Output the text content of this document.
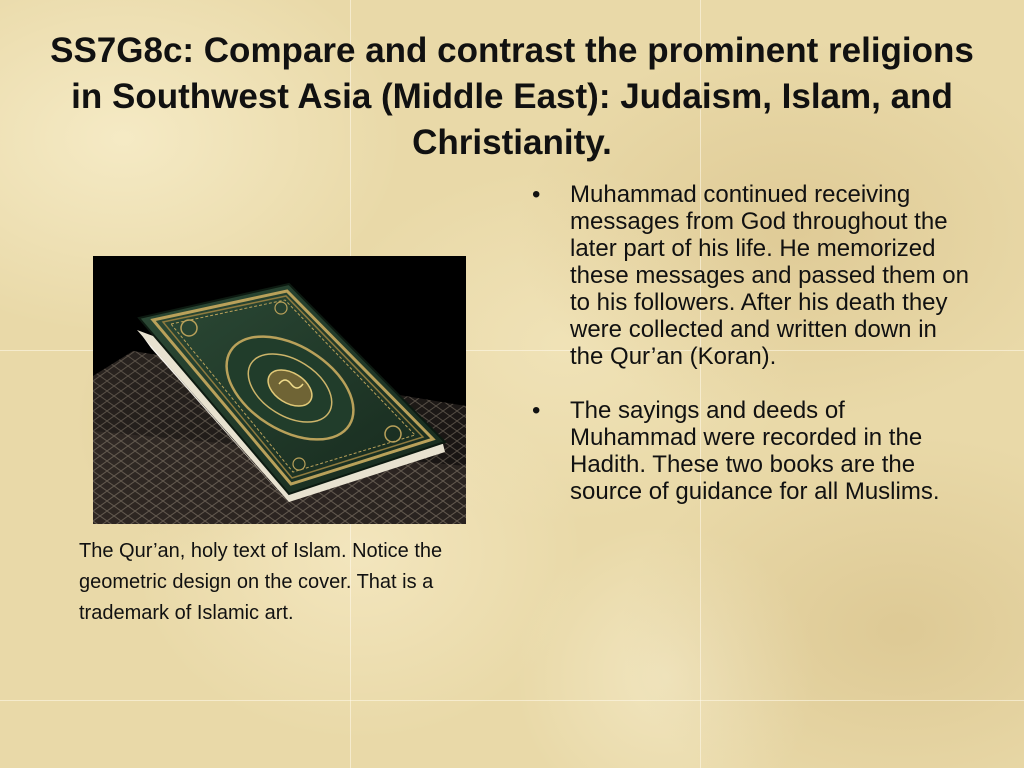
SS7G8c: Compare and contrast the prominent religions in Southwest Asia (Middle East): Judaism, Islam, and Christianity.

The Qur’an, holy text of Islam. Notice the geometric design on the cover. That is a trademark of Islamic art.

• Muhammad continued receiving messages from God throughout the later part of his life. He memorized these messages and passed them on to his followers. After his death they were collected and written down in the Qur’an (Koran).
• The sayings and deeds of Muhammad were recorded in the Hadith. These two books are the source of guidance for all Muslims.
